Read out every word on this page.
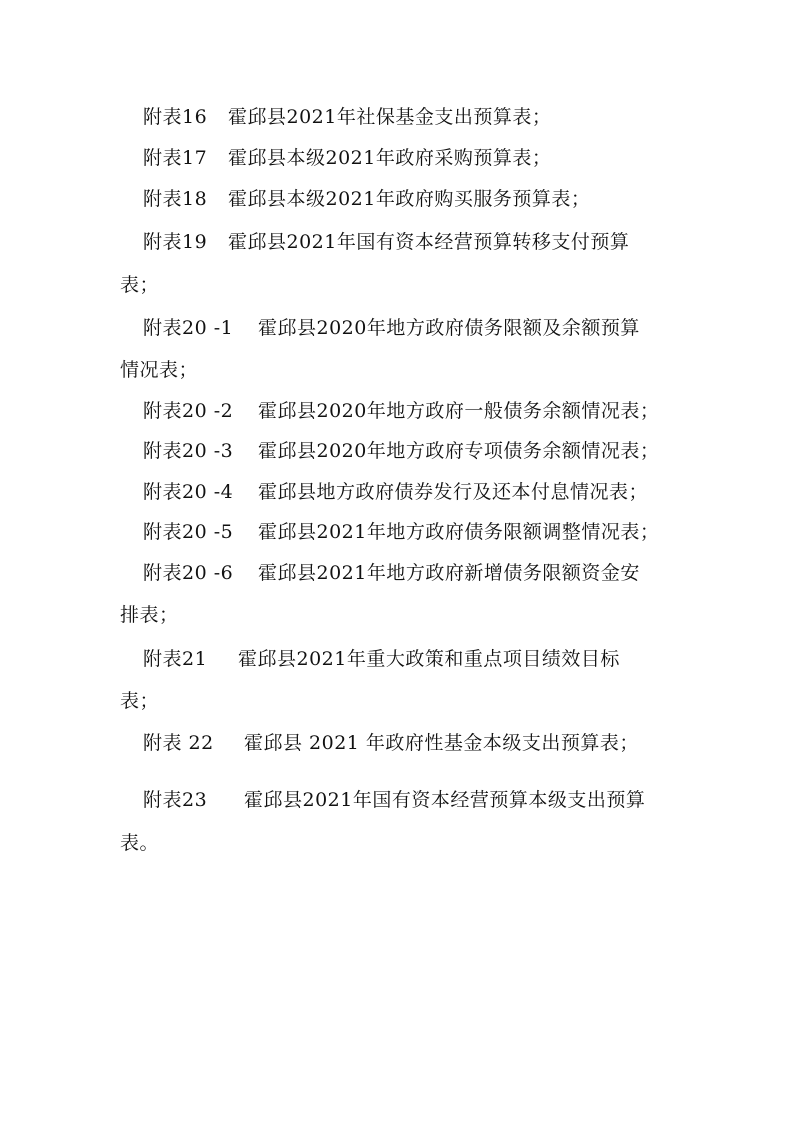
附表16 霍邱县2021年社保基金支出预算表；
附表17 霍邱县本级2021年政府采购预算表；
附表18 霍邱县本级2021年政府购买服务预算表；
附表19 霍邱县2021年国有资本经营预算转移支付预算
表；
附表20 -1 霍邱县2020年地方政府债务限额及余额预算
情况表；
附表20 -2 霍邱县2020年地方政府一般债务余额情况表；
附表20 -3 霍邱县2020年地方政府专项债务余额情况表；
附表20 -4 霍邱县地方政府债券发行及还本付息情况表；
附表20 -5 霍邱县2021年地方政府债务限额调整情况表；
附表20 -6 霍邱县2021年地方政府新增债务限额资金安
排表；
附表21 霍邱县2021年重大政策和重点项目绩效目标
表；
附表 22 霍邱县 2021 年政府性基金本级支出预算表；
附表23 霍邱县2021年国有资本经营预算本级支出预算
表。
